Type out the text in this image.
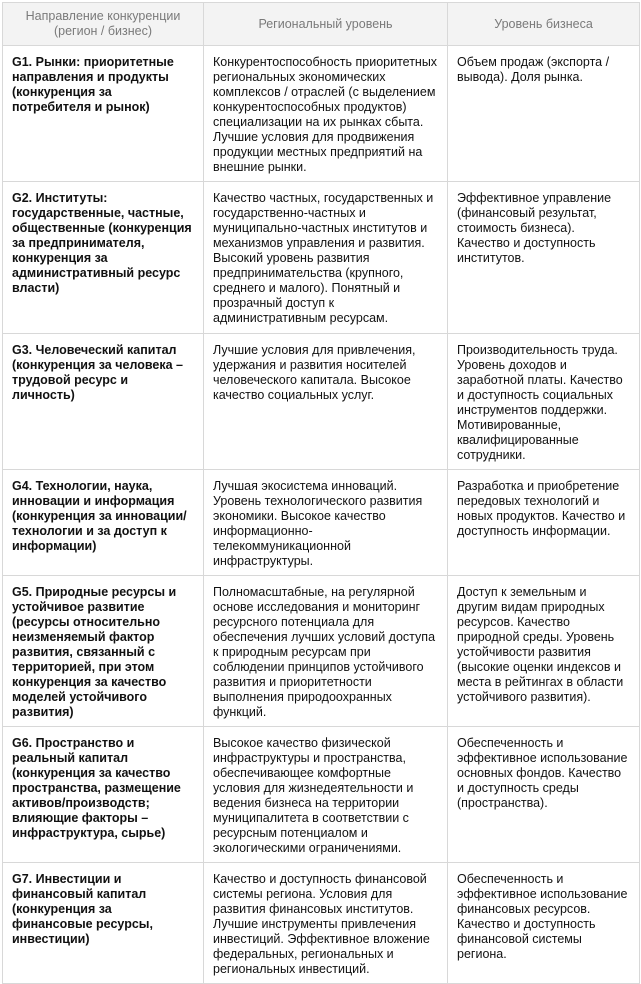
Направление конкуренции (регион / бизнес)	Региональный уровень	Уровень бизнеса
G1. Рынки: приоритетные направления и продукты (конкуренция за потребителя и рынок)	Конкурентоспособность приоритетных региональных экономических комплексов / отраслей (с выделением конкурентоспособных продуктов) специализации на их рынках сбыта. Лучшие условия для продвижения продукции местных предприятий на внешние рынки.	Объем продаж (экспорта / вывода). Доля рынка.
G2. Институты: государственные, частные, общественные (конкуренция за предпринимателя, конкуренция за административный ресурс власти)	Качество частных, государственных и государственно-частных и муниципально-частных институтов и механизмов управления и развития. Высокий уровень развития предпринимательства (крупного, среднего и малого). Понятный и прозрачный доступ к административным ресурсам.	Эффективное управление (финансовый результат, стоимость бизнеса). Качество и доступность институтов.
G3. Человеческий капитал (конкуренция за человека – трудовой ресурс и личность)	Лучшие условия для привлечения, удержания и развития носителей человеческого капитала. Высокое качество социальных услуг.	Производительность труда. Уровень доходов и заработной платы. Качество и доступность социальных инструментов поддержки. Мотивированные, квалифицированные сотрудники.
G4. Технологии, наука, инновации и информация (конкуренция за инновации/технологии и за доступ к информации)	Лучшая экосистема инноваций. Уровень технологического развития экономики. Высокое качество информационно-телекоммуникационной инфраструктуры.	Разработка и приобретение передовых технологий и новых продуктов. Качество и доступность информации.
G5. Природные ресурсы и устойчивое развитие (ресурсы относительно неизменяемый фактор развития, связанный с территорией, при этом конкуренция за качество моделей устойчивого развития)	Полномасштабные, на регулярной основе исследования и мониторинг ресурсного потенциала для обеспечения лучших условий доступа к природным ресурсам при соблюдении принципов устойчивого развития и приоритетности выполнения природоохранных функций.	Доступ к земельным и другим видам природных ресурсов. Качество природной среды. Уровень устойчивости развития (высокие оценки индексов и места в рейтингах в области устойчивого развития).
G6. Пространство и реальный капитал (конкуренция за качество пространства, размещение активов/производств; влияющие факторы – инфраструктура, сырье)	Высокое качество физической инфраструктуры и пространства, обеспечивающее комфортные условия для жизнедеятельности и ведения бизнеса на территории муниципалитета в соответствии с ресурсным потенциалом и экологическими ограничениями.	Обеспеченность и эффективное использование основных фондов. Качество и доступность среды (пространства).
G7. Инвестиции и финансовый капитал (конкуренция за финансовые ресурсы, инвестиции)	Качество и доступность финансовой системы региона. Условия для развития финансовых институтов. Лучшие инструменты привлечения инвестиций. Эффективное вложение федеральных, региональных и региональных инвестиций.	Обеспеченность и эффективное использование финансовых ресурсов. Качество и доступность финансовой системы региона.
